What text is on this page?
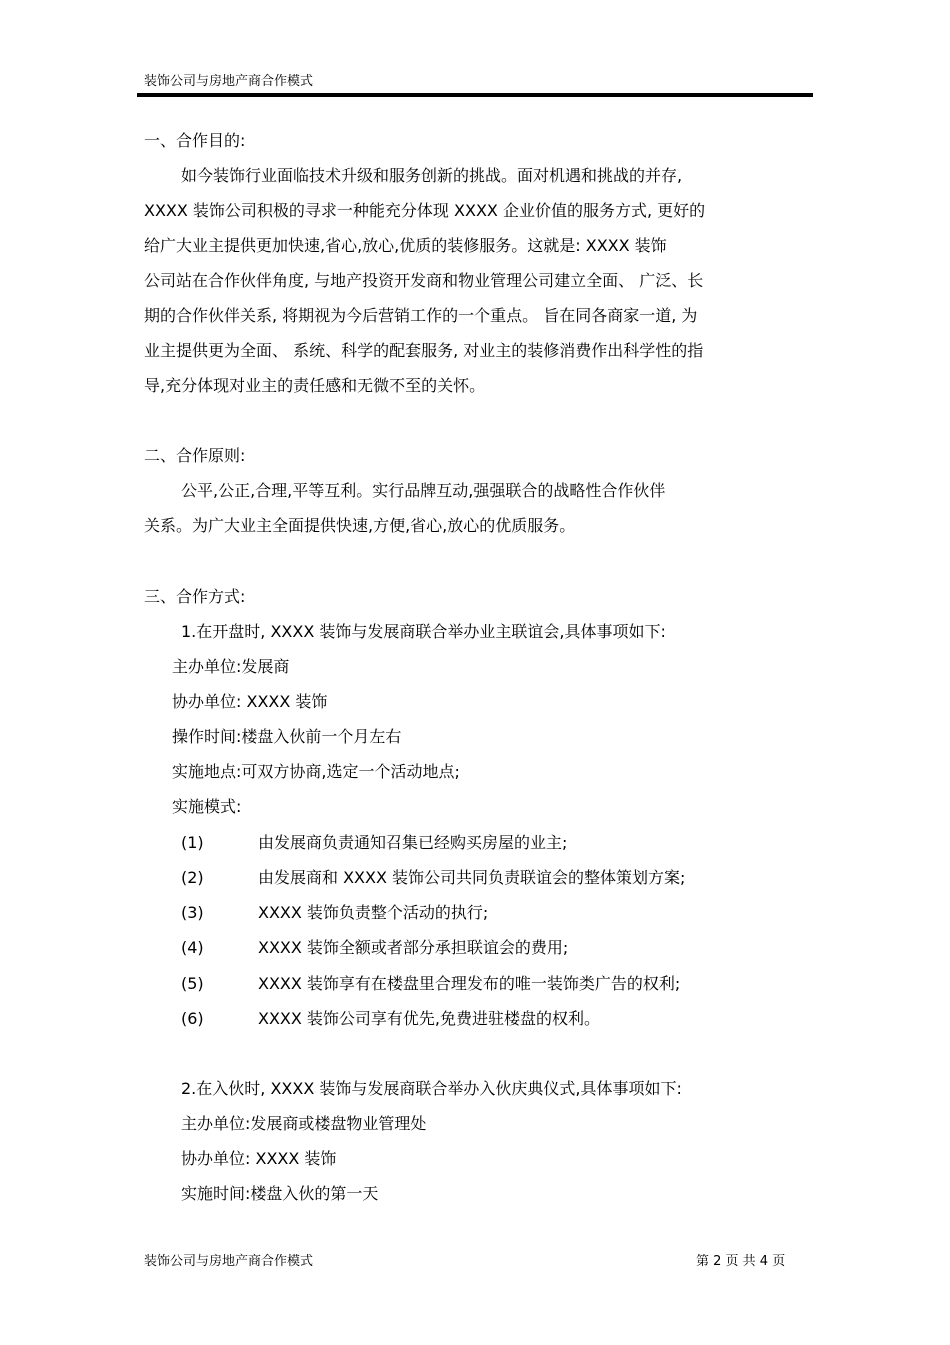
装饰公司与房地产商合作模式
一、合作目的:
如今装饰行业面临技术升级和服务创新的挑战。面对机遇和挑战的并存,
XXXX 装饰公司积极的寻求一种能充分体现 XXXX 企业价值的服务方式, 更好的
给广大业主提供更加快速,省心,放心,优质的装修服务。这就是: XXXX 装饰
公司站在合作伙伴角度, 与地产投资开发商和物业管理公司建立全面、 广泛、长
期的合作伙伴关系, 将期视为今后营销工作的一个重点。 旨在同各商家一道, 为
业主提供更为全面、 系统、科学的配套服务, 对业主的装修消费作出科学性的指
导,充分体现对业主的责任感和无微不至的关怀。
二、合作原则:
公平,公正,合理,平等互利。实行品牌互动,强强联合的战略性合作伙伴
关系。为广大业主全面提供快速,方便,省心,放心的优质服务。
三、合作方式:
1.在开盘时, XXXX 装饰与发展商联合举办业主联谊会,具体事项如下:
主办单位:发展商
协办单位: XXXX 装饰
操作时间:楼盘入伙前一个月左右
实施地点:可双方协商,选定一个活动地点;
实施模式:
(1)	由发展商负责通知召集已经购买房屋的业主;
(2)	由发展商和 XXXX 装饰公司共同负责联谊会的整体策划方案;
(3)	XXXX 装饰负责整个活动的执行;
(4)	XXXX 装饰全额或者部分承担联谊会的费用;
(5)	XXXX 装饰享有在楼盘里合理发布的唯一装饰类广告的权利;
(6)	XXXX 装饰公司享有优先,免费进驻楼盘的权利。
2.在入伙时, XXXX 装饰与发展商联合举办入伙庆典仪式,具体事项如下:
主办单位:发展商或楼盘物业管理处
协办单位: XXXX 装饰
实施时间:楼盘入伙的第一天
装饰公司与房地产商合作模式	第 2 页 共 4 页
